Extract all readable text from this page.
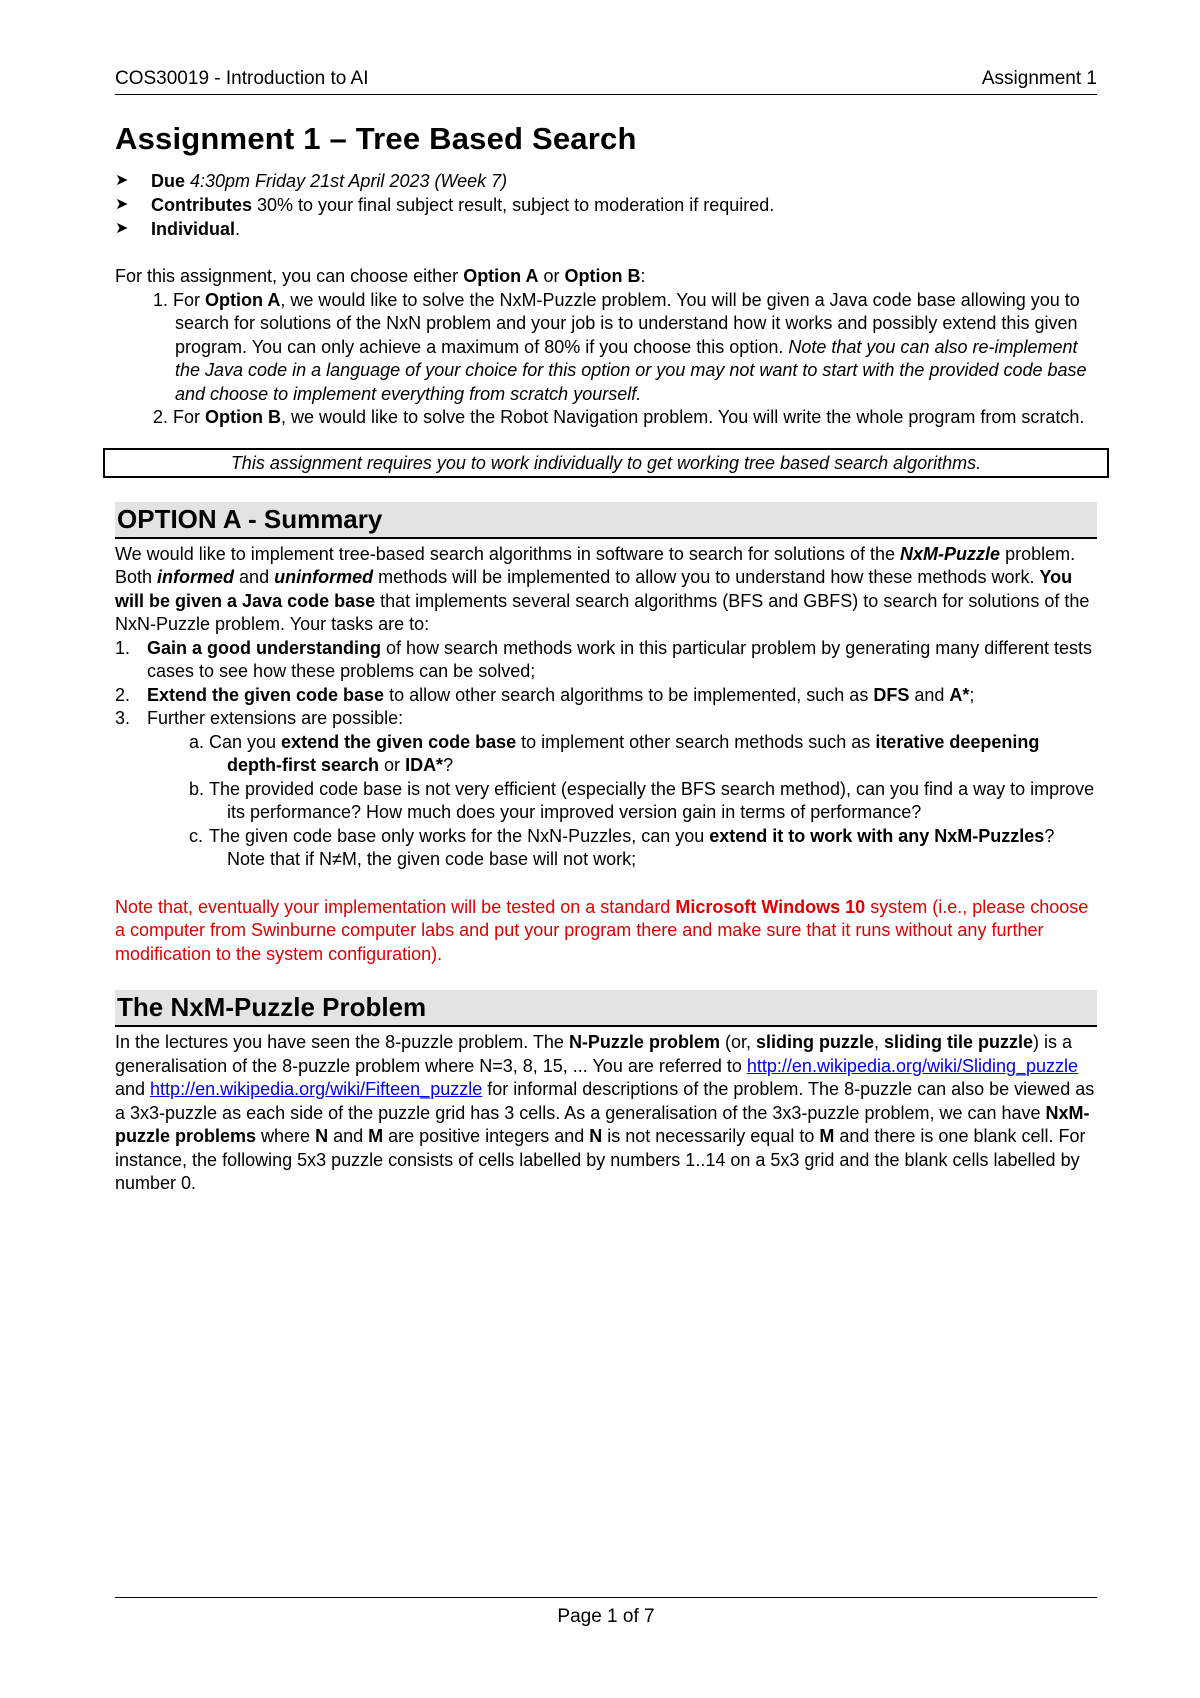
COS30019 - Introduction to AI	Assignment 1
Assignment 1 – Tree Based Search
➤ Due 4:30pm Friday 21st April 2023 (Week 7)
➤ Contributes 30% to your final subject result, subject to moderation if required.
➤ Individual.

For this assignment, you can choose either Option A or Option B:

1. For Option A, we would like to solve the NxM-Puzzle problem. You will be given a Java code base allowing you to search for solutions of the NxN problem and your job is to understand how it works and possibly extend this given program. You can only achieve a maximum of 80% if you choose this option. Note that you can also re-implement the Java code in a language of your choice for this option or you may not want to start with the provided code base and choose to implement everything from scratch yourself.
2. For Option B, we would like to solve the Robot Navigation problem. You will write the whole program from scratch.
This assignment requires you to work individually to get working tree based search algorithms.
OPTION A - Summary

We would like to implement tree-based search algorithms in software to search for solutions of the NxM-Puzzle problem. Both informed and uninformed methods will be implemented to allow you to understand how these methods work. You will be given a Java code base that implements several search algorithms (BFS and GBFS) to search for solutions of the NxN-Puzzle problem. Your tasks are to:

1. Gain a good understanding of how search methods work in this particular problem by generating many different tests cases to see how these problems can be solved;
2. Extend the given code base to allow other search algorithms to be implemented, such as DFS and A*;
3. Further extensions are possible:
a. Can you extend the given code base to implement other search methods such as iterative deepening depth-first search or IDA*?
b. The provided code base is not very efficient (especially the BFS search method), can you find a way to improve its performance? How much does your improved version gain in terms of performance?
c. The given code base only works for the NxN-Puzzles, can you extend it to work with any NxM-Puzzles? Note that if N≠M, the given code base will not work;

Note that, eventually your implementation will be tested on a standard Microsoft Windows 10 system (i.e., please choose a computer from Swinburne computer labs and put your program there and make sure that it runs without any further modification to the system configuration).

The NxM-Puzzle Problem

In the lectures you have seen the 8-puzzle problem. The N-Puzzle problem (or, sliding puzzle, sliding tile puzzle) is a generalisation of the 8-puzzle problem where N=3, 8, 15, ... You are referred to http://en.wikipedia.org/wiki/Sliding_puzzle and http://en.wikipedia.org/wiki/Fifteen_puzzle for informal descriptions of the problem. The 8-puzzle can also be viewed as a 3x3-puzzle as each side of the puzzle grid has 3 cells. As a generalisation of the 3x3-puzzle problem, we can have NxM-puzzle problems where N and M are positive integers and N is not necessarily equal to M and there is one blank cell. For instance, the following 5x3 puzzle consists of cells labelled by numbers 1..14 on a 5x3 grid and the blank cells labelled by number 0.

Page 1 of 7
